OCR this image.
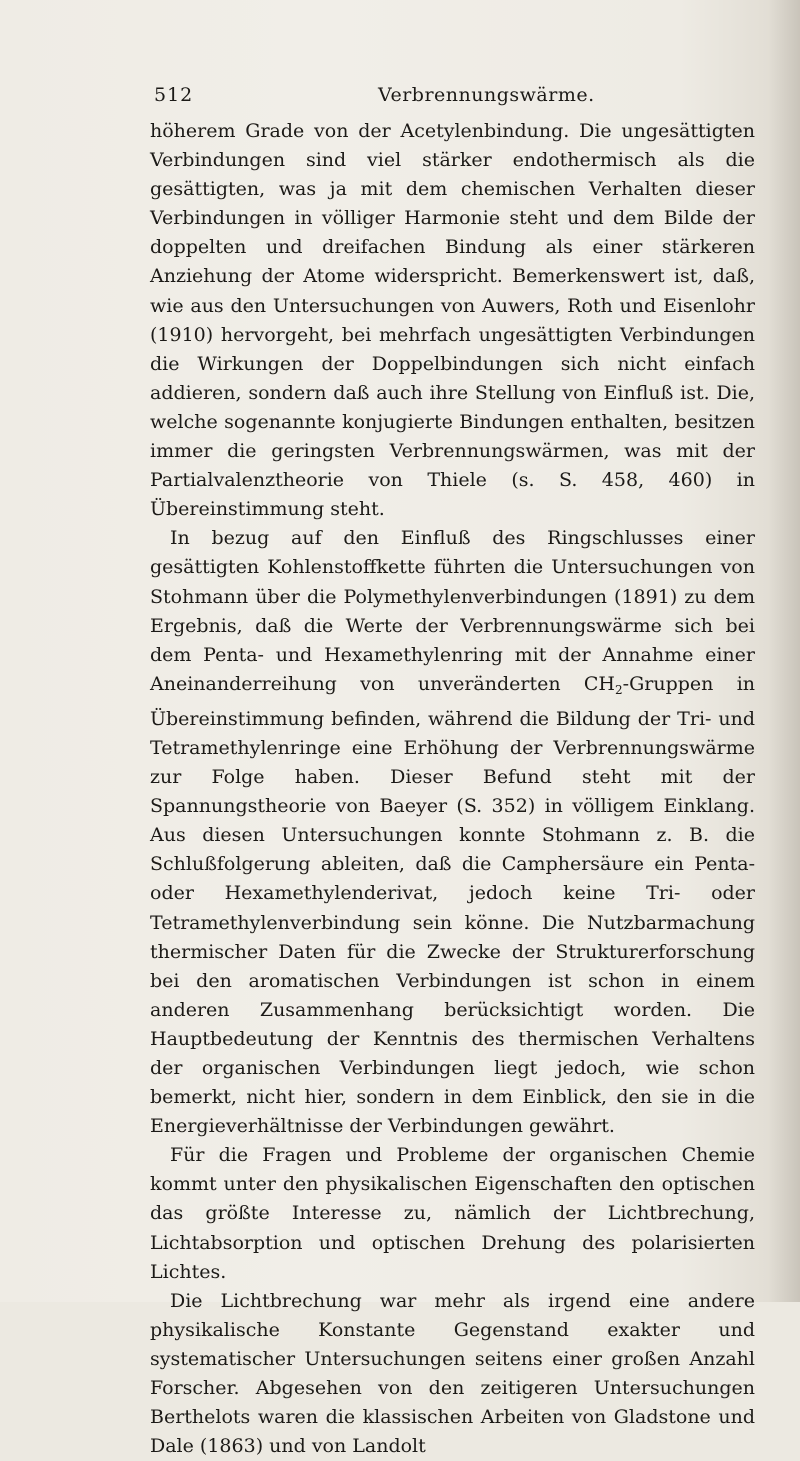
512	Verbrennungswärme.

höherem Grade von der Acetylenbindung. Die ungesättigten Verbindungen sind viel stärker endothermisch als die gesättigten, was ja mit dem chemischen Verhalten dieser Verbindungen in völliger Harmonie steht und dem Bilde der doppelten und dreifachen Bindung als einer stärkeren Anziehung der Atome widerspricht. Bemerkenswert ist, daß, wie aus den Untersuchungen von Auwers, Roth und Eisenlohr (1910) hervorgeht, bei mehrfach ungesättigten Verbindungen die Wirkungen der Doppelbindungen sich nicht einfach addieren, sondern daß auch ihre Stellung von Einfluß ist. Die, welche sogenannte konjugierte Bindungen enthalten, besitzen immer die geringsten Verbrennungswärmen, was mit der Partialvalenztheorie von Thiele (s. S. 458, 460) in Übereinstimmung steht.

In bezug auf den Einfluß des Ringschlusses einer gesättigten Kohlenstoffkette führten die Untersuchungen von Stohmann über die Polymethylenverbindungen (1891) zu dem Ergebnis, daß die Werte der Verbrennungswärme sich bei dem Penta- und Hexamethylenring mit der Annahme einer Aneinanderreihung von unveränderten $CH_2$-Gruppen in Übereinstimmung befinden, während die Bildung der Tri- und Tetramethylenringe eine Erhöhung der Verbrennungswärme zur Folge haben. Dieser Befund steht mit der Spannungstheorie von Baeyer (S. 352) in völligem Einklang. Aus diesen Untersuchungen konnte Stohmann z. B. die Schlußfolgerung ableiten, daß die Camphersäure ein Penta- oder Hexamethylenderivat, jedoch keine Tri- oder Tetramethylenverbindung sein könne. Die Nutzbarmachung thermischer Daten für die Zwecke der Strukturerforschung bei den aromatischen Verbindungen ist schon in einem anderen Zusammenhang berücksichtigt worden. Die Hauptbedeutung der Kenntnis des thermischen Verhaltens der organischen Verbindungen liegt jedoch, wie schon bemerkt, nicht hier, sondern in dem Einblick, den sie in die Energieverhältnisse der Verbindungen gewährt.

Für die Fragen und Probleme der organischen Chemie kommt unter den physikalischen Eigenschaften den optischen das größte Interesse zu, nämlich der Lichtbrechung, Lichtabsorption und optischen Drehung des polarisierten Lichtes.

Die Lichtbrechung war mehr als irgend eine andere physikalische Konstante Gegenstand exakter und systematischer Untersuchungen seitens einer großen Anzahl Forscher. Abgesehen von den zeitigeren Untersuchungen Berthelots waren die klassischen Arbeiten von Gladstone und Dale (1863) und von Landolt
